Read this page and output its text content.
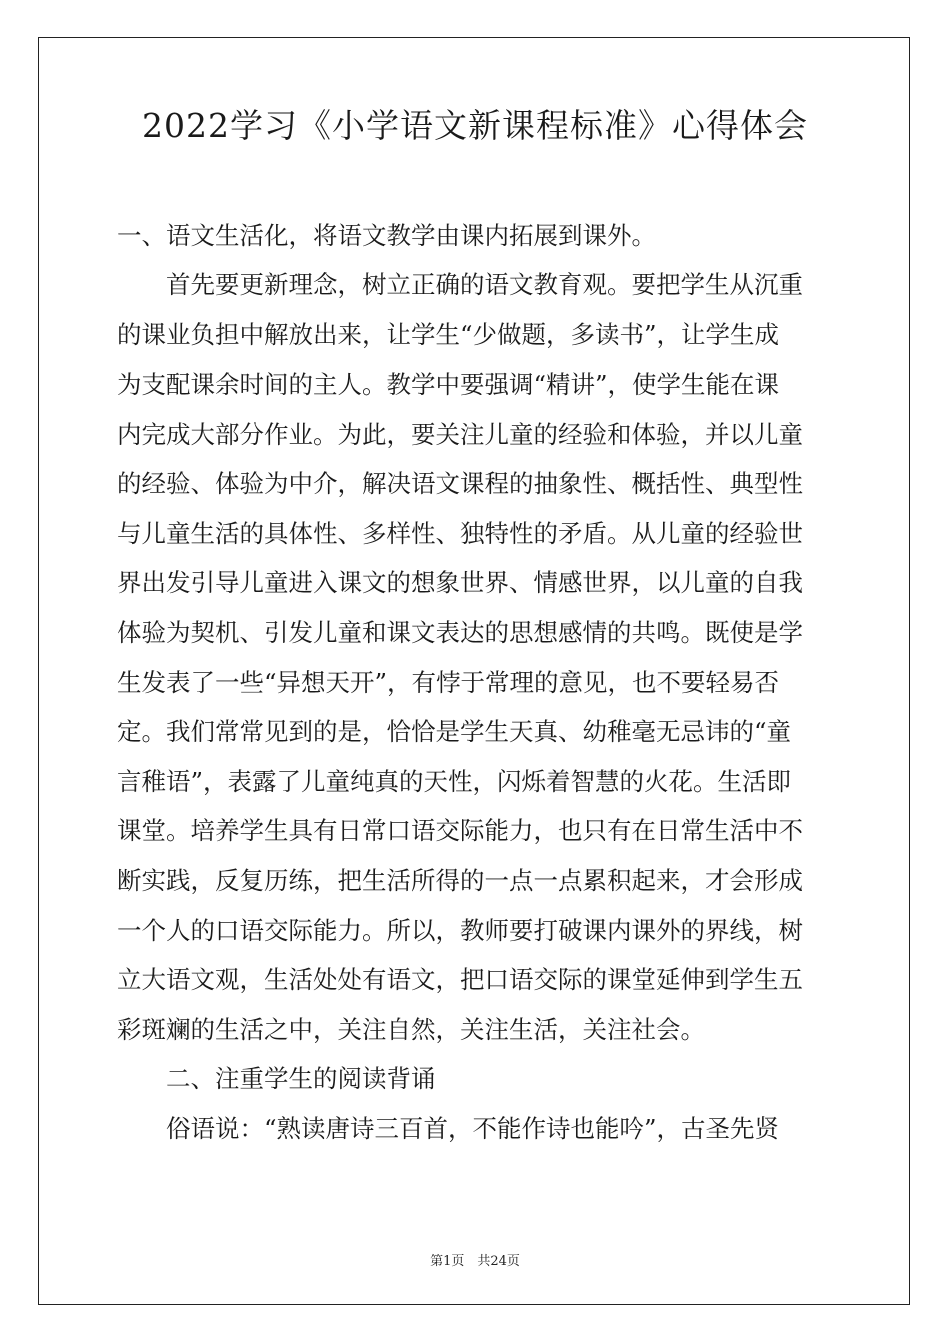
2022学习《小学语文新课程标准》心得体会

一、语文生活化，将语文教学由课内拓展到课外。

首先要更新理念，树立正确的语文教育观。要把学生从沉重

的课业负担中解放出来，让学生“少做题，多读书”，让学生成

为支配课余时间的主人。教学中要强调“精讲”，使学生能在课

内完成大部分作业。为此，要关注儿童的经验和体验，并以儿童

的经验、体验为中介，解决语文课程的抽象性、概括性、典型性

与儿童生活的具体性、多样性、独特性的矛盾。从儿童的经验世

界出发引导儿童进入课文的想象世界、情感世界，以儿童的自我

体验为契机、引发儿童和课文表达的思想感情的共鸣。既使是学

生发表了一些“异想天开”，有悖于常理的意见，也不要轻易否

定。我们常常见到的是，恰恰是学生天真、幼稚毫无忌讳的“童

言稚语”，表露了儿童纯真的天性，闪烁着智慧的火花。生活即

课堂。培养学生具有日常口语交际能力，也只有在日常生活中不

断实践，反复历练，把生活所得的一点一点累积起来，才会形成

一个人的口语交际能力。所以，教师要打破课内课外的界线，树

立大语文观，生活处处有语文，把口语交际的课堂延伸到学生五

彩斑斓的生活之中，关注自然，关注生活，关注社会。

二、注重学生的阅读背诵

俗语说：“熟读唐诗三百首，不能作诗也能吟”，古圣先贤

第1页　共24页
